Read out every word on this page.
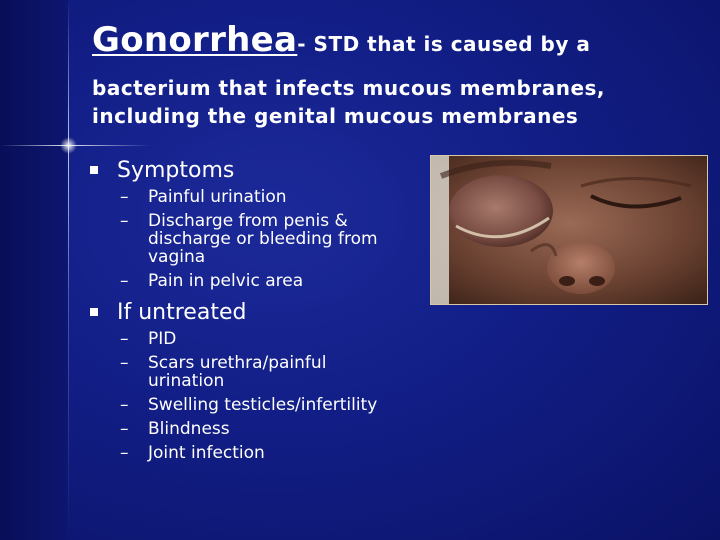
Gonorrhea- STD that is caused by a
bacterium that infects mucous membranes, including the genital mucous membranes
Symptoms
–	Painful urination
–	Discharge from penis & discharge or bleeding from vagina
–	Pain in pelvic area
If untreated
–	PID
–	Scars urethra/painful urination
–	Swelling testicles/infertility
–	Blindness
–	Joint infection
